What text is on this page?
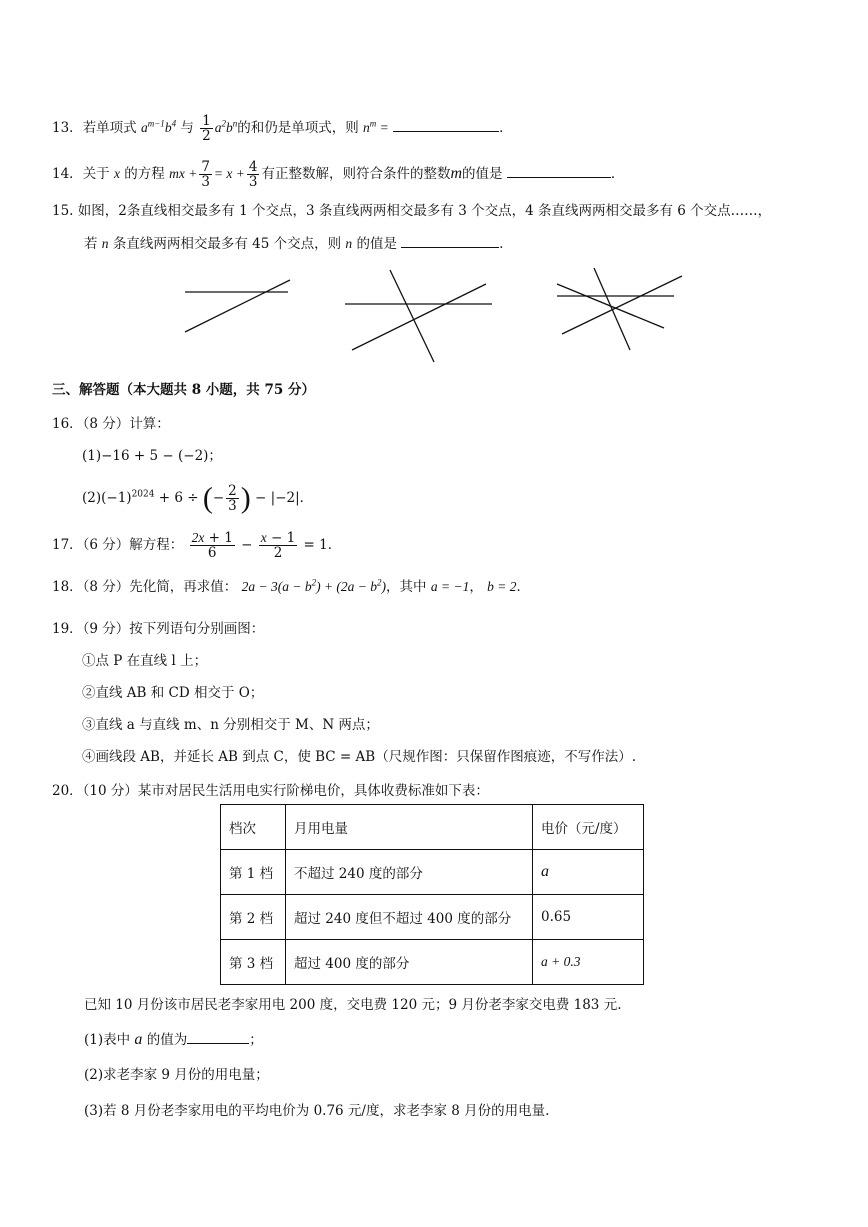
13．若单项式 $a^{m-1}b^4$ 与 $\frac{1}{2} a^2b^n$的和仍是单项式，则 $n^m$ =	．
14．关于 x 的方程 mx + $\frac{7}{3} = x + \frac{4}{3}$ 有正整数解，则符合条件的整数m的值是	．
15. 如图，2条直线相交最多有 1 个交点，3 条直线两两相交最多有 3 个交点，4 条直线两两相交最多有 6 个交点……，
若 n 条直线两两相交最多有 45 个交点，则 n 的值是	．
三、解答题（本大题共 8 小题，共 75 分）
16．（8 分）计算：
(1)−16 + 5 − (−2)；
$(2)(-1)^{2024} + 6$ ÷ (− $\frac{2}{3}$ ) − |−2|．
17．（6 分）解方程： $\frac{2x + 1}{6} - \frac{x - 1}{2} = 1$．
18．（8 分）先化简，再求值： $2a - 3(a - b^2) + (2a - b^2)$，其中 a = −1， b = 2．
19．（9 分）按下列语句分别画图：
①点 P 在直线 l 上；
②直线 AB 和 CD 相交于 O；
③直线 a 与直线 m、n 分别相交于 M、N 两点；
④画线段 AB，并延长 AB 到点 C，使 BC = AB（尺规作图：只保留作图痕迹，不写作法）.
20．（10 分）某市对居民生活用电实行阶梯电价，具体收费标准如下表：
档次	月用电量	电价（元/度）
第 1 档	不超过 240 度的部分	a
第 2 档	超过 240 度但不超过 400 度的部分	0.65
第 3 档	超过 400 度的部分	a + 0.3
已知 10 月份该市居民老李家用电 200 度，交电费 120 元；9 月份老李家交电费 183 元.
(1)表中 a 的值为	；
(2)求老李家 9 月份的用电量；
(3)若 8 月份老李家用电的平均电价为 0.76 元/度，求老李家 8 月份的用电量.
